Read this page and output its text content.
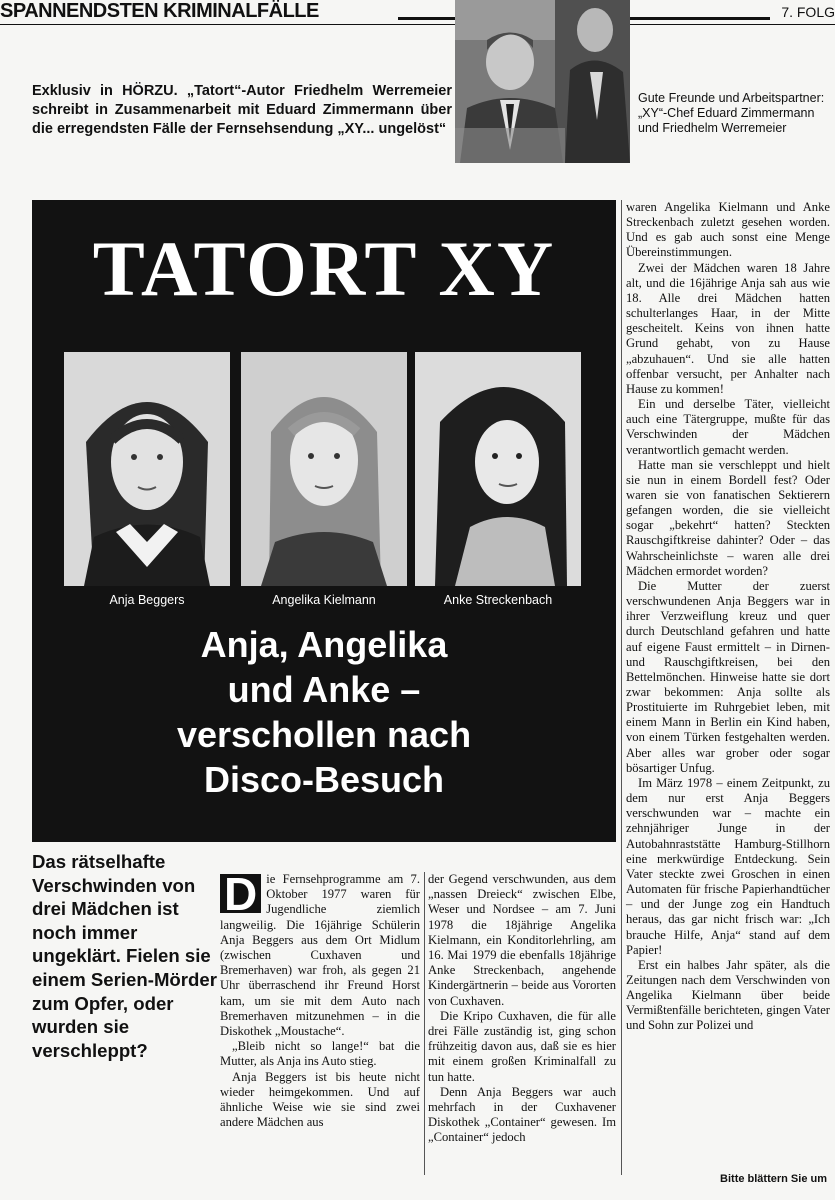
SPANNENDSTEN KRIMINALFÄLLE	7. FOLG
Exklusiv in HÖRZU. „Tatort“-Autor Friedhelm Werremeier schreibt in Zusammenarbeit mit Eduard Zimmermann über die erregendsten Fälle der Fernsehsendung „XY... ungelöst“
Gute Freunde und Arbeitspartner: „XY“-Chef Eduard Zimmermann und Friedhelm Werremeier
TATORT XY
Anja Beggers	Angelika Kielmann	Anke Streckenbach
Anja, Angelika
und Anke –
verschollen nach
Disco-Besuch

waren Angelika Kielmann und Anke Streckenbach zuletzt gesehen worden. Und es gab auch sonst eine Menge Übereinstimmungen.

Zwei der Mädchen waren 18 Jahre alt, und die 16jährige Anja sah aus wie 18. Alle drei Mädchen hatten schulterlanges Haar, in der Mitte gescheitelt. Keins von ihnen hatte Grund gehabt, von zu Hause „abzuhauen“. Und sie alle hatten offenbar versucht, per Anhalter nach Hause zu kommen!

Ein und derselbe Täter, vielleicht auch eine Tätergruppe, mußte für das Verschwinden der Mädchen verantwortlich gemacht werden.

Hatte man sie verschleppt und hielt sie nun in einem Bordell fest? Oder waren sie von fanatischen Sektierern gefangen worden, die sie vielleicht sogar „bekehrt“ hatten? Steckten Rauschgiftkreise dahinter? Oder – das Wahrscheinlichste – waren alle drei Mädchen ermordet worden?

Die Mutter der zuerst verschwundenen Anja Beggers war in ihrer Verzweiflung kreuz und quer durch Deutschland gefahren und hatte auf eigene Faust ermittelt – in Dirnen- und Rauschgiftkreisen, bei den Bettelmönchen. Hinweise hatte sie dort zwar bekommen: Anja sollte als Prostituierte im Ruhrgebiet leben, mit einem Mann in Berlin ein Kind haben, von einem Türken festgehalten werden. Aber alles war grober oder sogar bösartiger Unfug.

Im März 1978 – einem Zeitpunkt, zu dem nur erst Anja Beggers verschwunden war – machte ein zehnjähriger Junge in der Autobahnraststätte Hamburg-Stillhorn eine merkwürdige Entdeckung. Sein Vater steckte zwei Groschen in einen Automaten für frische Papierhandtücher – und der Junge zog ein Handtuch heraus, das gar nicht frisch war: „Ich brauche Hilfe, Anja“ stand auf dem Papier!

Erst ein halbes Jahr später, als die Zeitungen nach dem Verschwinden von Angelika Kielmann über beide Vermißtenfälle berichteten, gingen Vater und Sohn zur Polizei und

Das rätselhafte Verschwinden von drei Mädchen ist noch immer ungeklärt. Fielen sie einem Serien-Mörder zum Opfer, oder wurden sie verschleppt?

D ie Fernsehprogramme am 7. Oktober 1977 waren für Jugendliche ziemlich langweilig. Die 16jährige Schülerin Anja Beggers aus dem Ort Midlum (zwischen Cuxhaven und Bremerhaven) war froh, als gegen 21 Uhr überraschend ihr Freund Horst kam, um sie mit dem Auto nach Bremerhaven mitzunehmen – in die Diskothek „Moustache“.

„Bleib nicht so lange!“ bat die Mutter, als Anja ins Auto stieg.

Anja Beggers ist bis heute nicht wieder heimgekommen. Und auf ähnliche Weise wie sie sind zwei andere Mädchen aus

der Gegend verschwunden, aus dem „nassen Dreieck“ zwischen Elbe, Weser und Nordsee – am 7. Juni 1978 die 18jährige Angelika Kielmann, ein Konditorlehrling, am 16. Mai 1979 die ebenfalls 18jährige Anke Streckenbach, angehende Kindergärtnerin – beide aus Vororten von Cuxhaven.

Die Kripo Cuxhaven, die für alle drei Fälle zuständig ist, ging schon frühzeitig davon aus, daß sie es hier mit einem großen Kriminalfall zu tun hatte.

Denn Anja Beggers war auch mehrfach in der Cuxhavener Diskothek „Container“ gewesen. Im „Container“ jedoch

Bitte blättern Sie um
